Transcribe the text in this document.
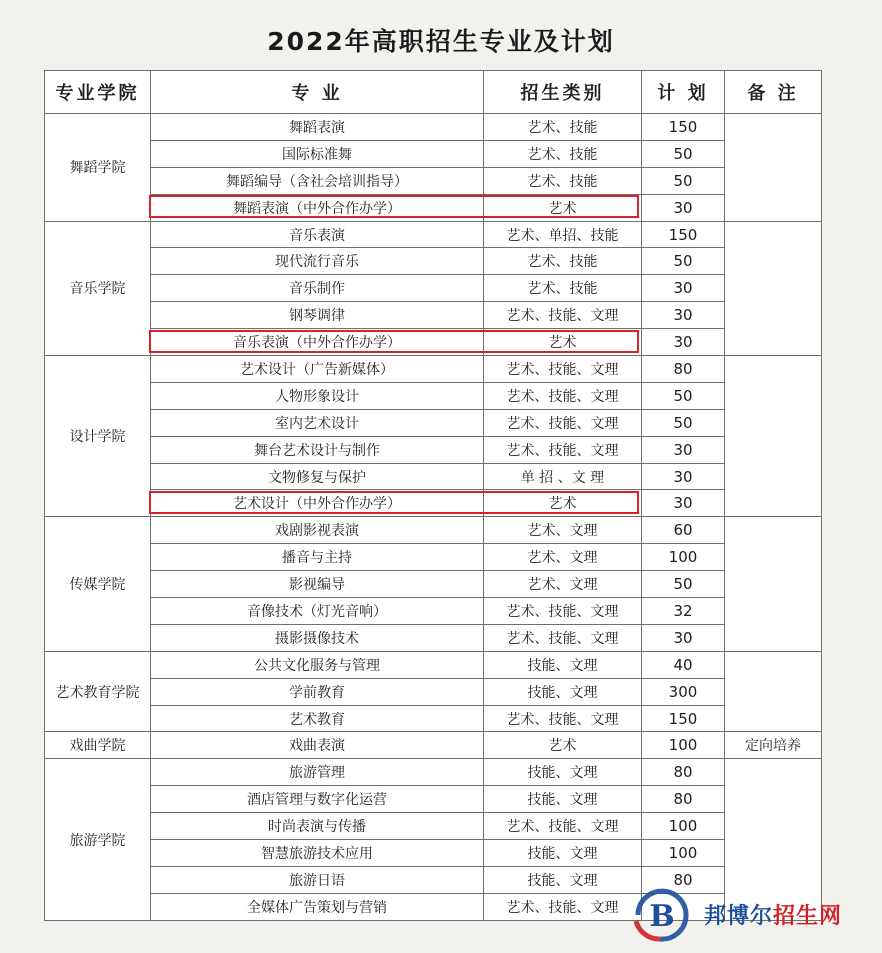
2022年高职招生专业及计划
专业学院	专 业	招生类别	计 划	备 注
舞蹈学院	舞蹈表演	艺术、技能	150	
	国际标准舞	艺术、技能	50	
	舞蹈编导（含社会培训指导）	艺术、技能	50	
	舞蹈表演（中外合作办学）	艺术	30	
音乐学院	音乐表演	艺术、单招、技能	150	
	现代流行音乐	艺术、技能	50	
	音乐制作	艺术、技能	30	
	钢琴调律	艺术、技能、文理	30	
	音乐表演（中外合作办学）	艺术	30	
设计学院	艺术设计（广告新媒体）	艺术、技能、文理	80	
	人物形象设计	艺术、技能、文理	50	
	室内艺术设计	艺术、技能、文理	50	
	舞台艺术设计与制作	艺术、技能、文理	30	
	文物修复与保护	单 招 、文 理	30	
	艺术设计（中外合作办学）	艺术	30	
传媒学院	戏剧影视表演	艺术、文理	60	
	播音与主持	艺术、文理	100	
	影视编导	艺术、文理	50	
	音像技术（灯光音响）	艺术、技能、文理	32	
	摄影摄像技术	艺术、技能、文理	30	
艺术教育学院	公共文化服务与管理	技能、文理	40	
	学前教育	技能、文理	300	
	艺术教育	艺术、技能、文理	150	
戏曲学院	戏曲表演	艺术	100	定向培养
旅游学院	旅游管理	技能、文理	80	
	酒店管理与数字化运营	技能、文理	80	
	时尚表演与传播	艺术、技能、文理	100	
	智慧旅游技术应用	技能、文理	100	
	旅游日语	技能、文理	80	
	全媒体广告策划与营销	艺术、技能、文理		B 邦博尔招生网
